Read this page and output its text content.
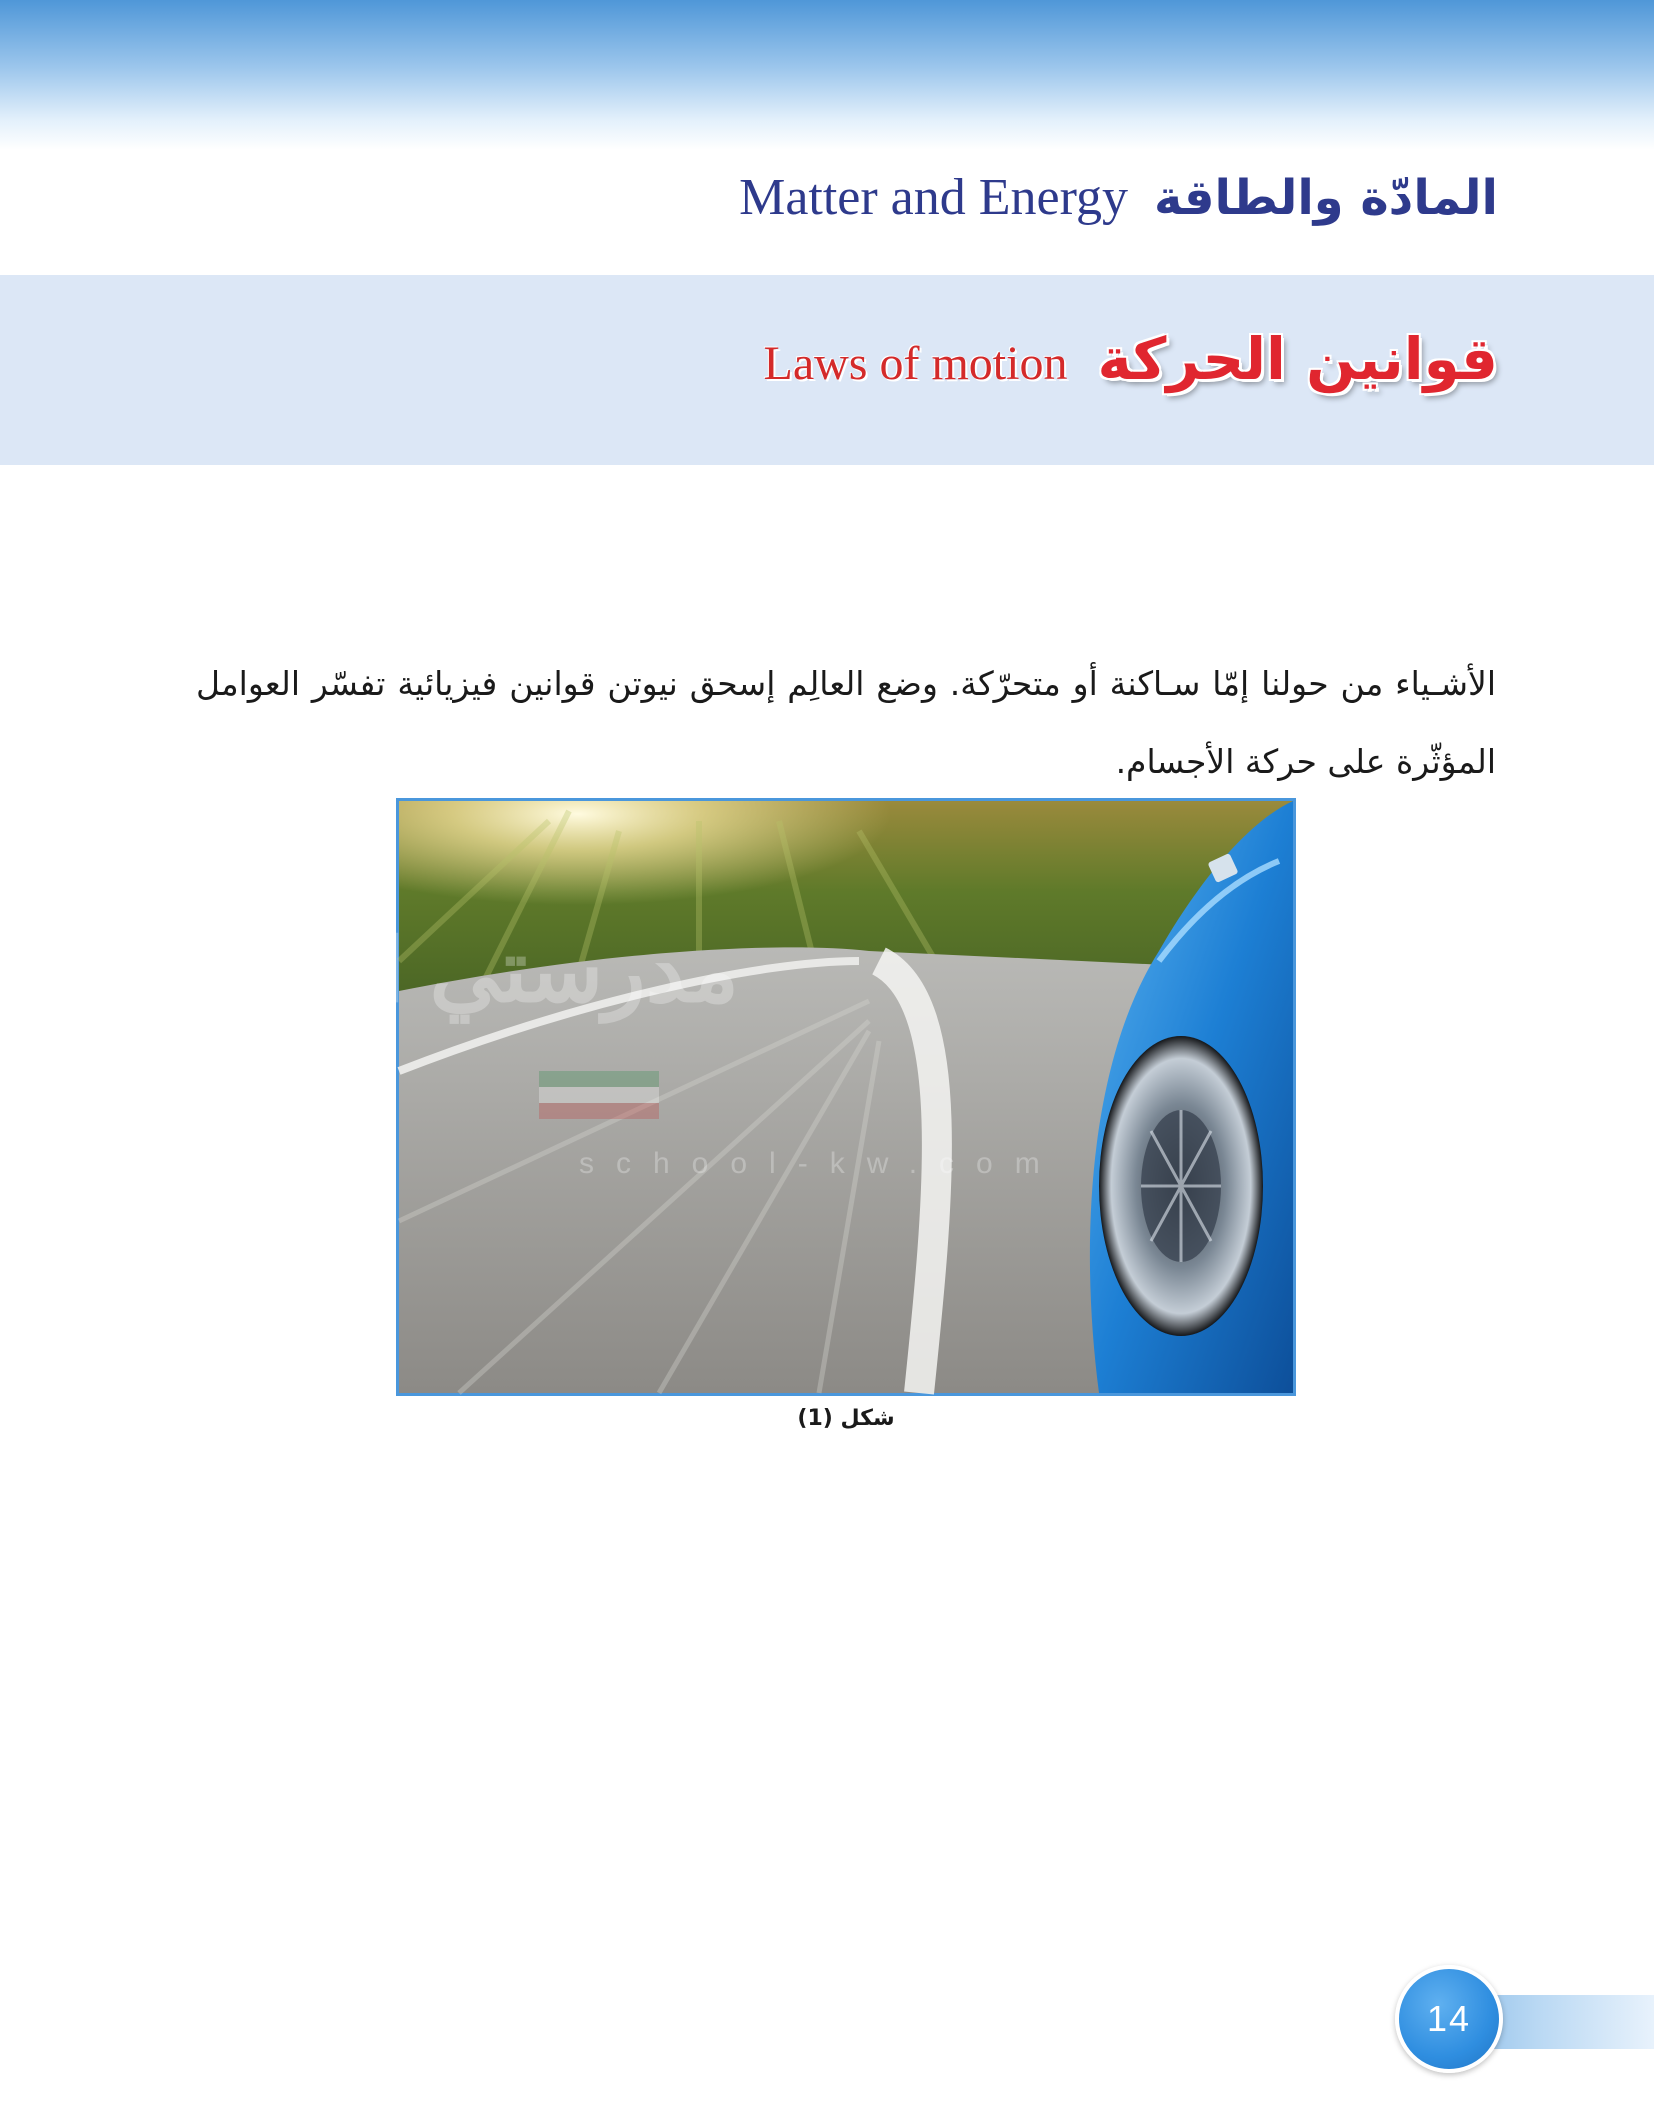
المادّة والطاقة
Matter and Energy
قوانين الحركة
Laws of motion

الأشـياء من حولنا إمّا سـاكنة أو متحرّكة. وضع العالِم إسحق نيوتن قوانين فيزيائية تفسّر العوامل المؤثّرة على حركة الأجسام.

مدرستي الكويتية
school-kw.com
شكل (1)
14
